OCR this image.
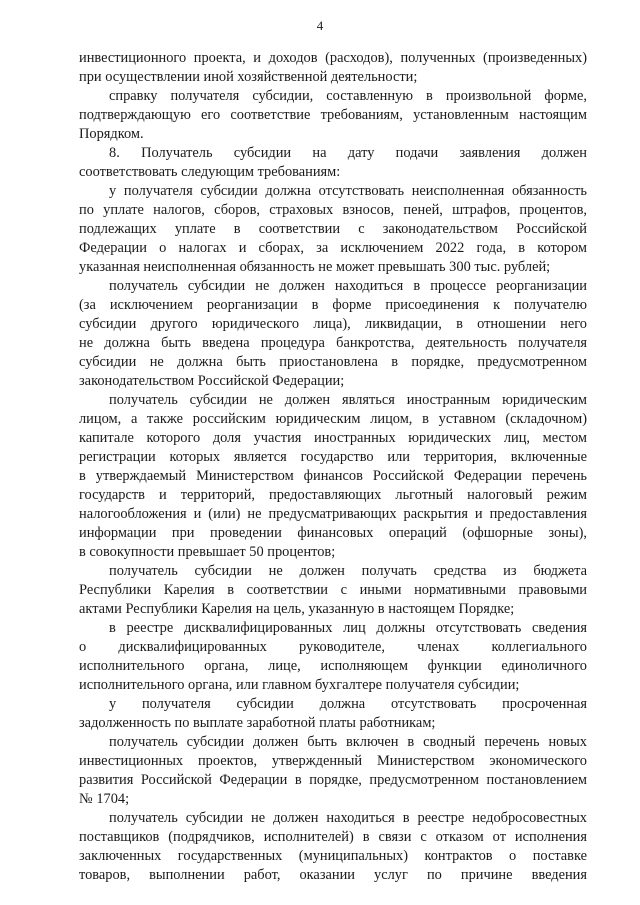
4
инвестиционного проекта, и доходов (расходов), полученных (произведенных)
при осуществлении иной хозяйственной деятельности;
справку получателя субсидии, составленную в произвольной форме,
подтверждающую его соответствие требованиям, установленным настоящим
Порядком.
8. Получатель субсидии на дату подачи заявления должен
соответствовать следующим требованиям:
у получателя субсидии должна отсутствовать неисполненная обязанность
по уплате налогов, сборов, страховых взносов, пеней, штрафов, процентов,
подлежащих уплате в соответствии с законодательством Российской
Федерации о налогах и сборах, за исключением 2022 года, в котором
указанная неисполненная обязанность не может превышать 300 тыс. рублей;
получатель субсидии не должен находиться в процессе реорганизации
(за исключением реорганизации в форме присоединения к получателю
субсидии другого юридического лица), ликвидации, в отношении него
не должна быть введена процедура банкротства, деятельность получателя
субсидии не должна быть приостановлена в порядке, предусмотренном
законодательством Российской Федерации;
получатель субсидии не должен являться иностранным юридическим
лицом, а также российским юридическим лицом, в уставном (складочном)
капитале которого доля участия иностранных юридических лиц, местом
регистрации которых является государство или территория, включенные
в утверждаемый Министерством финансов Российской Федерации перечень
государств и территорий, предоставляющих льготный налоговый режим
налогообложения и (или) не предусматривающих раскрытия и предоставления
информации при проведении финансовых операций (офшорные зоны),
в совокупности превышает 50 процентов;
получатель субсидии не должен получать средства из бюджета
Республики Карелия в соответствии с иными нормативными правовыми
актами Республики Карелия на цель, указанную в настоящем Порядке;
в реестре дисквалифицированных лиц должны отсутствовать сведения
о дисквалифицированных руководителе, членах коллегиального
исполнительного органа, лице, исполняющем функции единоличного
исполнительного органа, или главном бухгалтере получателя субсидии;
у получателя субсидии должна отсутствовать просроченная
задолженность по выплате заработной платы работникам;
получатель субсидии должен быть включен в сводный перечень новых
инвестиционных проектов, утвержденный Министерством экономического
развития Российской Федерации в порядке, предусмотренном постановлением
№ 1704;
получатель субсидии не должен находиться в реестре недобросовестных
поставщиков (подрядчиков, исполнителей) в связи с отказом от исполнения
заключенных государственных (муниципальных) контрактов о поставке
товаров, выполнении работ, оказании услуг по причине введения
